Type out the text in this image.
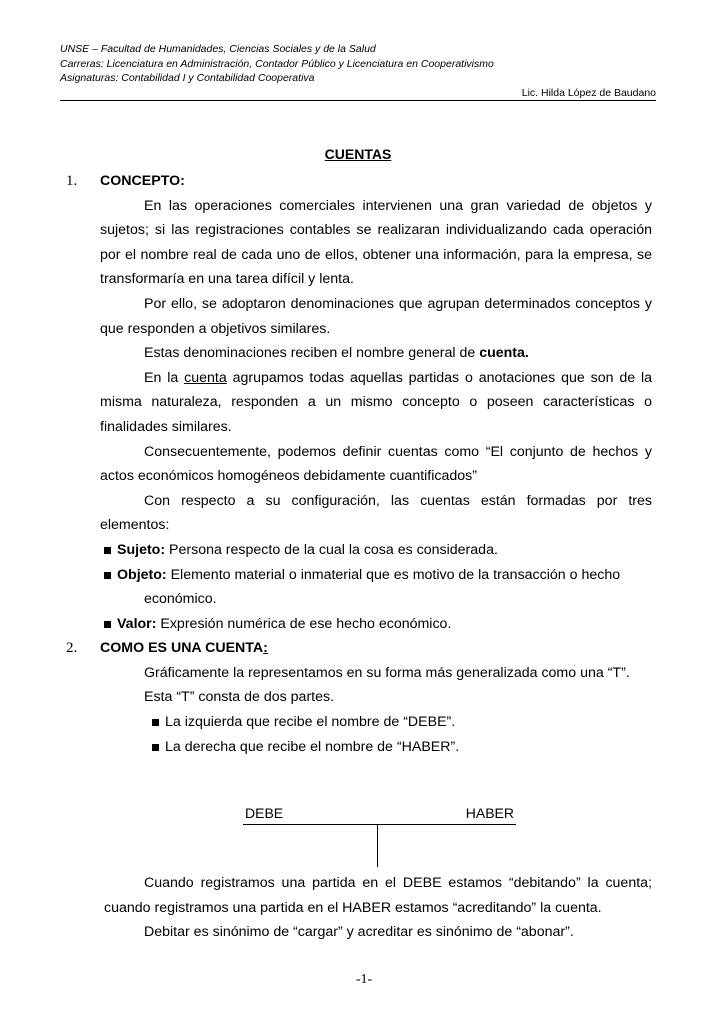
UNSE – Facultad de Humanidades, Ciencias Sociales y de la Salud
Carreras: Licenciatura en Administración, Contador Público y Licenciatura en Cooperativismo
Asignaturas: Contabilidad I y Contabilidad Cooperativa
Lic. Hilda López de Baudano
CUENTAS
1.	CONCEPTO:
En las operaciones comerciales intervienen una gran variedad de objetos y sujetos; si las registraciones contables se realizaran individualizando cada operación por el nombre real de cada uno de ellos, obtener una información, para la empresa, se transformaría en una tarea difícil y lenta.
Por ello, se adoptaron denominaciones que agrupan determinados conceptos y que responden a objetivos similares.
Estas denominaciones reciben el nombre general de cuenta.
En la cuenta agrupamos todas aquellas partidas o anotaciones que son de la misma naturaleza, responden a un mismo concepto o poseen características o finalidades similares.
Consecuentemente, podemos definir cuentas como “El conjunto de hechos y actos económicos homogéneos debidamente cuantificados”
Con respecto a su configuración, las cuentas están formadas por tres elementos:
Sujeto: Persona respecto de la cual la cosa es considerada.
Objeto: Elemento material o inmaterial que es motivo de la transacción o hecho
económico.
Valor: Expresión numérica de ese hecho económico.
2.	COMO ES UNA CUENTA:
Gráficamente la representamos en su forma más generalizada como una “T”.
Esta “T” consta de dos partes.
La izquierda que recibe el nombre de “DEBE”.
La derecha que recibe el nombre de “HABER”.
DEBE	HABER
Cuando registramos una partida en el DEBE estamos “debitando” la cuenta; cuando registramos una partida en el HABER estamos “acreditando” la cuenta.
Debitar es sinónimo de “cargar” y acreditar es sinónimo de “abonar”.
-1-
